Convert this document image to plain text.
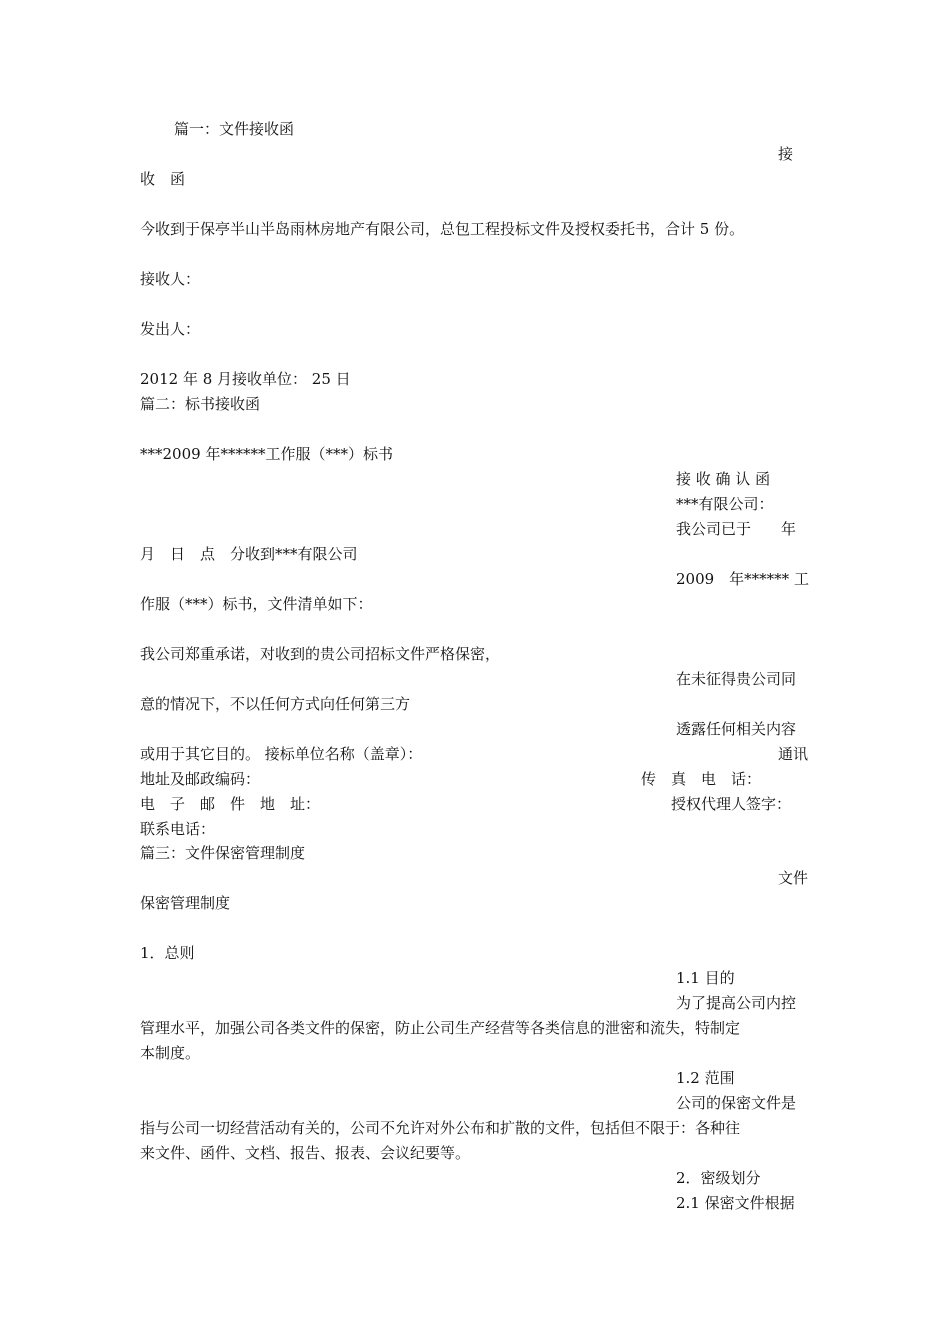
篇一：文件接收函
接
收　函
今收到于保亭半山半岛雨林房地产有限公司，总包工程投标文件及授权委托书，合计 5 份。
接收人：
发出人：
2012 年 8 月接收单位： 25 日
篇二：标书接收函
***2009 年******工作服（***）标书
接 收 确 认 函
***有限公司：
我公司已于　　年
月　日　点　分收到***有限公司
2009　年****** 工
作服（***）标书，文件清单如下：
我公司郑重承诺，对收到的贵公司招标文件严格保密，
在未征得贵公司同
意的情况下，不以任何方式向任何第三方
透露任何相关内容
或用于其它目的。 接标单位名称（盖章）：	通讯
地址及邮政编码：	传　真　电　话：
电　子　邮　件　地　址：	授权代理人签字：
联系电话：
篇三：文件保密管理制度
文件
保密管理制度
1．总则
1.1 目的
为了提高公司内控
管理水平，加强公司各类文件的保密，防止公司生产经营等各类信息的泄密和流失，特制定
本制度。
1.2 范围
公司的保密文件是
指与公司一切经营活动有关的，公司不允许对外公布和扩散的文件，包括但不限于：各种往
来文件、函件、文档、报告、报表、会议纪要等。
2．密级划分
2.1 保密文件根据
